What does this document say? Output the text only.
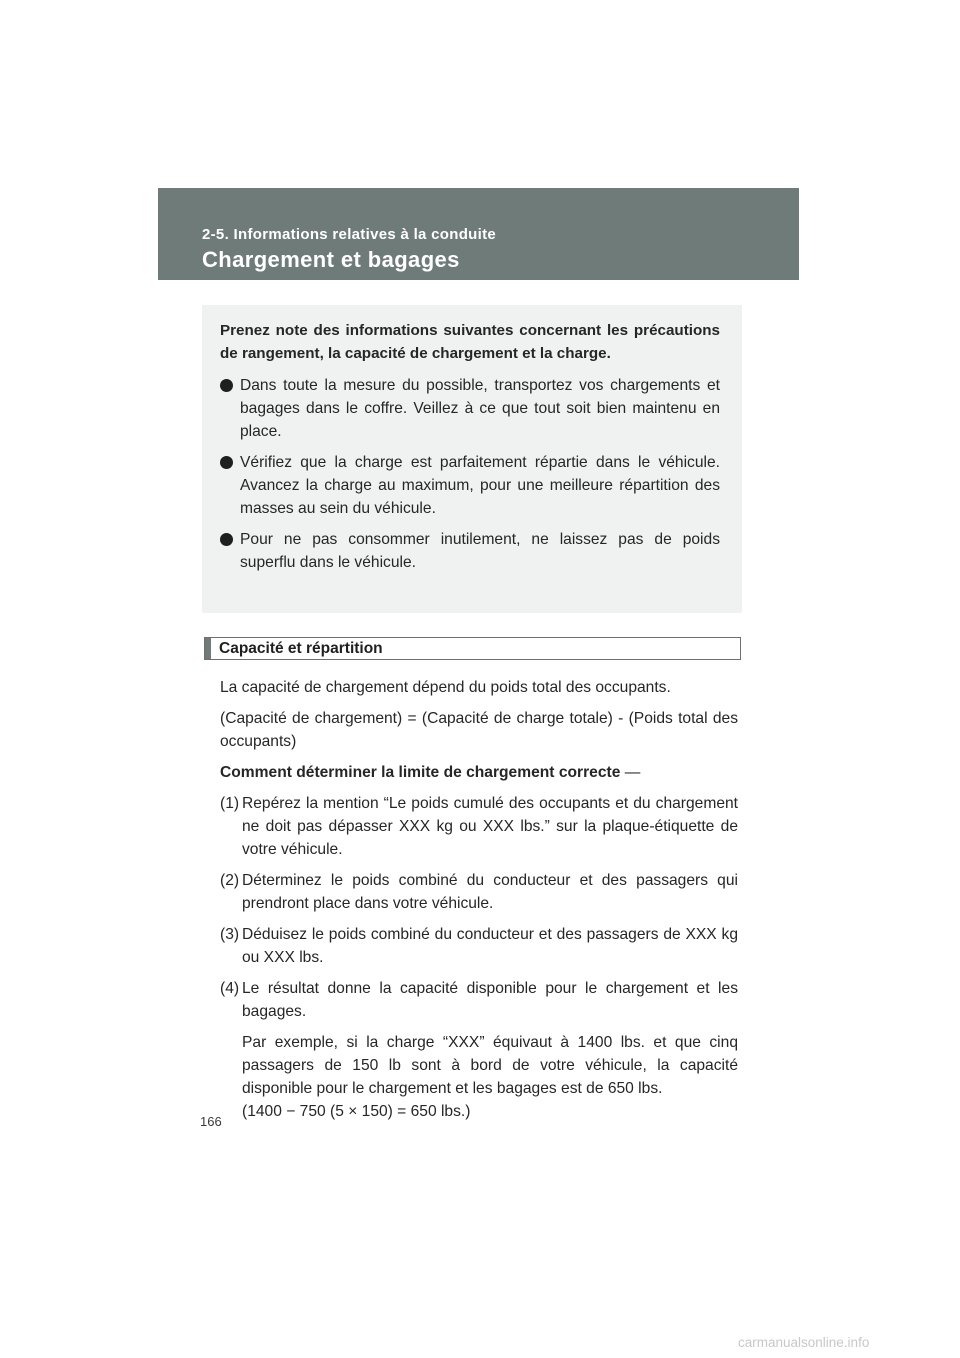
2-5. Informations relatives à la conduite
Chargement et bagages

Prenez note des informations suivantes concernant les précautions de rangement, la capacité de chargement et la charge.

Dans toute la mesure du possible, transportez vos chargements et bagages dans le coffre. Veillez à ce que tout soit bien maintenu en place.
Vérifiez que la charge est parfaitement répartie dans le véhicule. Avancez la charge au maximum, pour une meilleure répartition des masses au sein du véhicule.
Pour ne pas consommer inutilement, ne laissez pas de poids superflu dans le véhicule.
Capacité et répartition

La capacité de chargement dépend du poids total des occupants.

(Capacité de chargement) = (Capacité de charge totale) - (Poids total des occupants)

Comment déterminer la limite de chargement correcte —

(1) Repérez la mention “Le poids cumulé des occupants et du chargement ne doit pas dépasser XXX kg ou XXX lbs.” sur la plaque-étiquette de votre véhicule.
(2) Déterminez le poids combiné du conducteur et des passagers qui prendront place dans votre véhicule.
(3) Déduisez le poids combiné du conducteur et des passagers de XXX kg ou XXX lbs.
(4) Le résultat donne la capacité disponible pour le chargement et les bagages.
Par exemple, si la charge “XXX” équivaut à 1400 lbs. et que cinq passagers de 150 lb sont à bord de votre véhicule, la capacité disponible pour le chargement et les bagages est de 650 lbs.
(1400 − 750 (5 × 150) = 650 lbs.)
166
carmanualsonline.info
